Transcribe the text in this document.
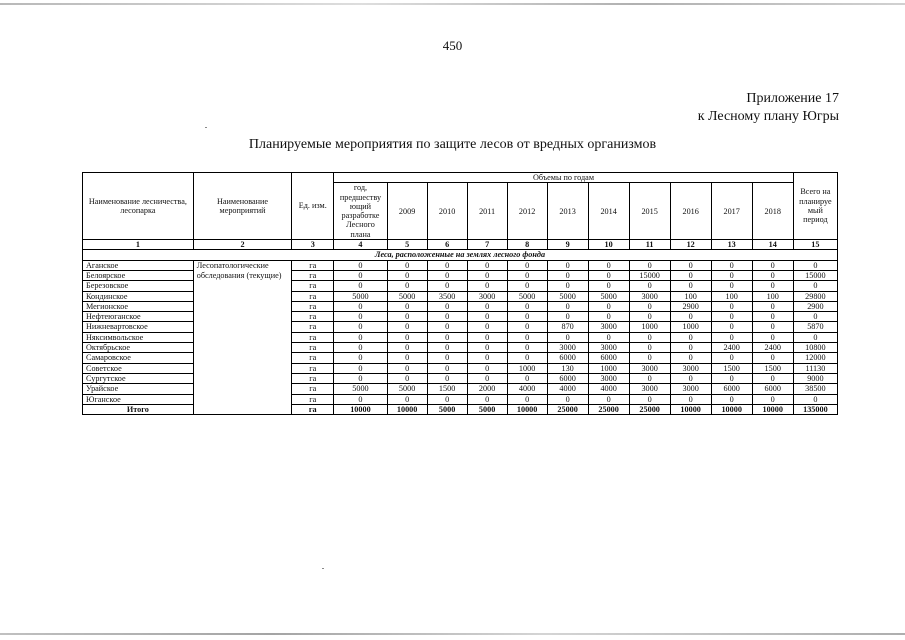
450
Приложение 17
к Лесному плану Югры
Планируемые мероприятия по защите лесов от вредных организмов
Наименование лесничества, лесопарка	Наименование мероприятий	Ед. изм.	Объемы по годам											Всего на планируе мый период
			год, предшеству ющий разработке Лесного плана	2009	2010	2011	2012	2013	2014	2015	2016	2017	2018	
1	2	3	4	5	6	7	8	9	10	11	12	13	14	15
Леса, расположенные на землях лесного фонда														
Аганское	Лесопатологические обследования (текущие)	га	0	0	0	0	0	0	0	0	0	0	0	0
Белоярское		га	0	0	0	0	0	0	0	15000	0	0	0	15000
Березовское		га	0	0	0	0	0	0	0	0	0	0	0	0
Кондинское		га	5000	5000	3500	3000	5000	5000	5000	3000	100	100	100	29800
Мегионское		га	0	0	0	0	0	0	0	0	2900	0	0	2900
Нефтеюганское		га	0	0	0	0	0	0	0	0	0	0	0	0
Нижневартовское		га	0	0	0	0	0	870	3000	1000	1000	0	0	5870
Няксимвольское		га	0	0	0	0	0	0	0	0	0	0	0	0
Октябрьское		га	0	0	0	0	0	3000	3000	0	0	2400	2400	10800
Самаровское		га	0	0	0	0	0	6000	6000	0	0	0	0	12000
Советское		га	0	0	0	0	1000	130	1000	3000	3000	1500	1500	11130
Сургутское		га	0	0	0	0	0	6000	3000	0	0	0	0	9000
Урайское		га	5000	5000	1500	2000	4000	4000	4000	3000	3000	6000	6000	38500
Юганское		га	0	0	0	0	0	0	0	0	0	0	0	0
Итого		га	10000	10000	5000	5000	10000	25000	25000	25000	10000	10000	10000	135000
